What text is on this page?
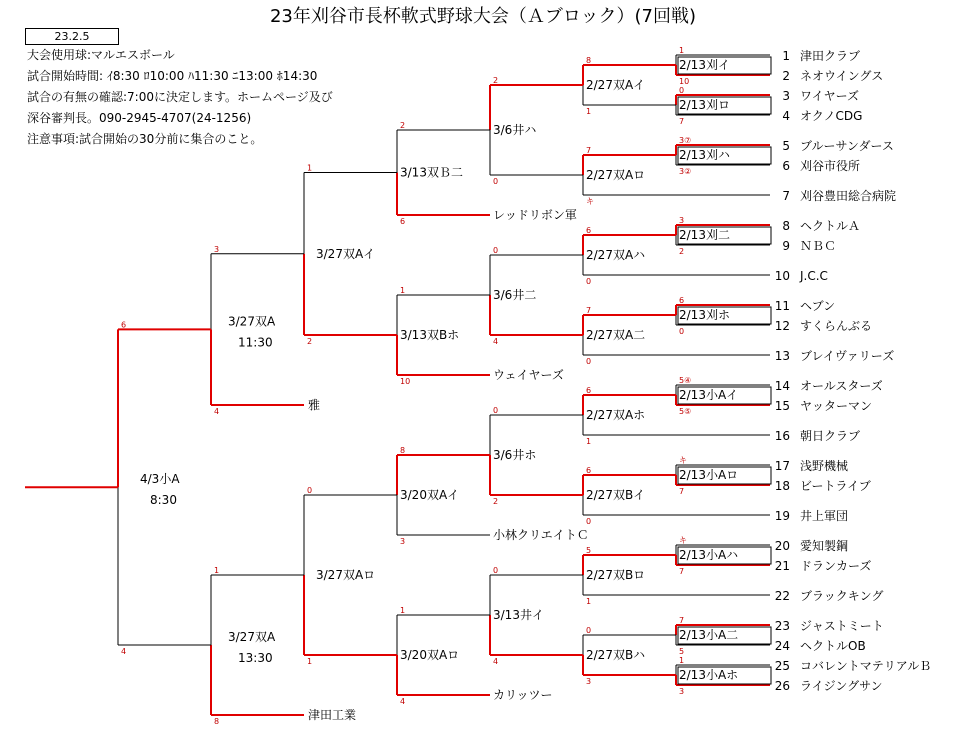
23年刈谷市長杯軟式野球大会（Ａブロック）(7回戦)
23.2.5
大会使用球:マルエスボール
試合開始時間: ｲ8:30 ﾛ10:00 ﾊ11:30 ﾆ13:00 ﾎ14:30
試合の有無の確認:7:00に決定します。ホームページ及び
深谷審判長。090-2945-4707(24-1256)
注意事項:試合開始の30分前に集合のこと。
1 津田クラブ
2 ネオウイングス
3 ワイヤーズ
4 オクノCDG
5 ブルーサンダース
6 刈谷市役所
7 刈谷豊田総合病院
8 ヘクトルＡ
9 ＮＢＣ
10 J.C.C
11 ヘブン
12 すくらんぶる
13 ブレイヴァリーズ
14 オールスターズ
15 ヤッターマン
16 朝日クラブ
17 浅野機械
18 ビートライブ
19 井上軍団
20 愛知製鋼
21 ドランカーズ
22 ブラックキング
23 ジャストミート
24 ヘクトルOB
25 コバレントマテリアルＢ
26 ライジングサン
1
10
2/13刈イ
0
7
2/13刈ロ
3⑦
3②
2/13刈ハ
3
2
2/13刈二
6
0
2/13刈ホ
5④
5⑤
2/13小Aイ
キ
7
2/13小Aロ
キ
7
2/13小Aハ
7
5
2/13小A二
1
3
2/13小Aホ
8
1
2/27双Aイ
7
キ
2/27双Aロ
6
0
2/27双Aハ
7
0
2/27双A二
6
1
2/27双Aホ
6
0
2/27双Bイ
5
1
2/27双Bロ
0
3
2/27双Bハ
2
0
3/6井ハ
0
4
3/6井二
0
2
3/6井ホ
0
4
3/13井イ
レッドリボン軍
2
6
3/13双Ｂ二
ウェイヤーズ
1
10
3/13双Bホ
小林クリエイトＣ
8
3
3/20双Aイ
カリッツー
1
4
3/20双Aロ
1
2
3/27双Aイ
0
1
3/27双Aロ
雅
3
4
3/27双A
11:30
津田工業
1
8
3/27双A
13:30
6
4
4/3小A
8:30
